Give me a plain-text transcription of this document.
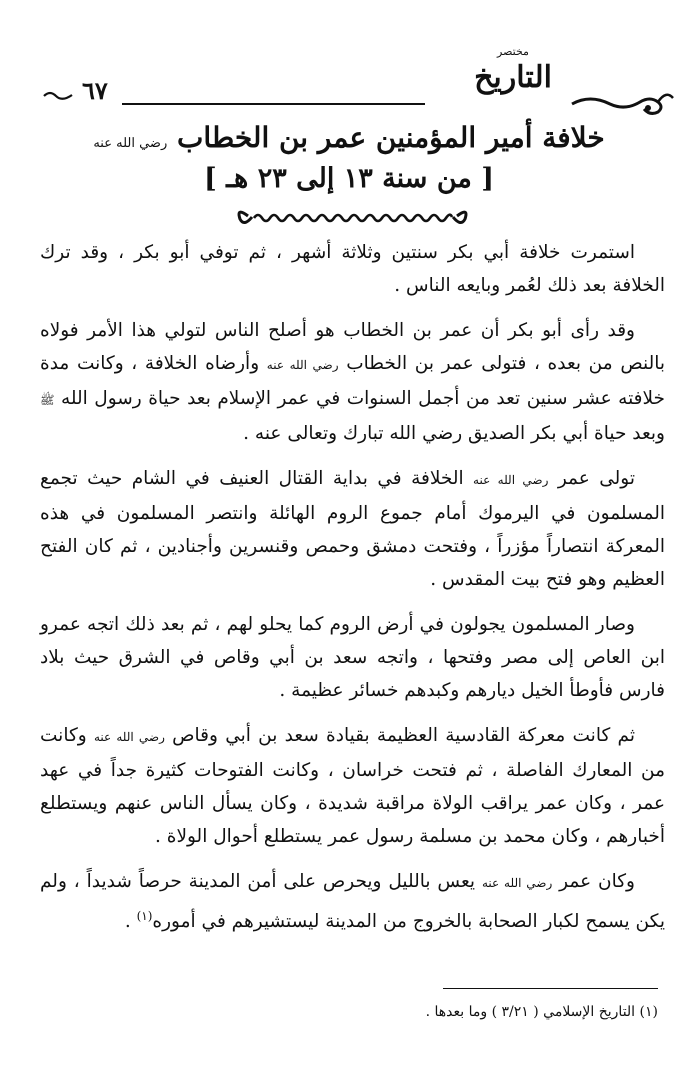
٦٧
مختصر
التاريخ
خلافة أمير المؤمنين عمر بن الخطاب رضي الله عنه
[ من سنة ١٣ إلى ٢٣ هـ ]

استمرت خلافة أبي بكر سنتين وثلاثة أشهر ، ثم توفي أبو بكر ، وقد ترك الخلافة بعد ذلك لعُمر وبايعه الناس .

وقد رأى أبو بكر أن عمر بن الخطاب هو أصلح الناس لتولي هذا الأمر فولاه بالنص من بعده ، فتولى عمر بن الخطاب رضي الله عنه وأرضاه الخلافة ، وكانت مدة خلافته عشر سنين تعد من أجمل السنوات في عمر الإسلام بعد حياة رسول الله ﷺ وبعد حياة أبي بكر الصديق رضي الله تبارك وتعالى عنه .

تولى عمر رضي الله عنه الخلافة في بداية القتال العنيف في الشام حيث تجمع المسلمون في اليرموك أمام جموع الروم الهائلة وانتصر المسلمون في هذه المعركة انتصاراً مؤزراً ، وفتحت دمشق وحمص وقنسرين وأجنادين ، ثم كان الفتح العظيم وهو فتح بيت المقدس .

وصار المسلمون يجولون في أرض الروم كما يحلو لهم ، ثم بعد ذلك اتجه عمرو ابن العاص إلى مصر وفتحها ، واتجه سعد بن أبي وقاص في الشرق حيث بلاد فارس فأوطأ الخيل ديارهم وكبدهم خسائر عظيمة .

ثم كانت معركة القادسية العظيمة بقيادة سعد بن أبي وقاص رضي الله عنه وكانت من المعارك الفاصلة ، ثم فتحت خراسان ، وكانت الفتوحات كثيرة جداً في عهد عمر ، وكان عمر يراقب الولاة مراقبة شديدة ، وكان يسأل الناس عنهم ويستطلع أخبارهم ، وكان محمد بن مسلمة رسول عمر يستطلع أحوال الولاة .

وكان عمر رضي الله عنه يعس بالليل ويحرص على أمن المدينة حرصاً شديداً ، ولم يكن يسمح لكبار الصحابة بالخروج من المدينة ليستشيرهم في أموره$^{(١)}$ .

(١) التاريخ الإسلامي ( ٣/٢١ ) وما بعدها .
